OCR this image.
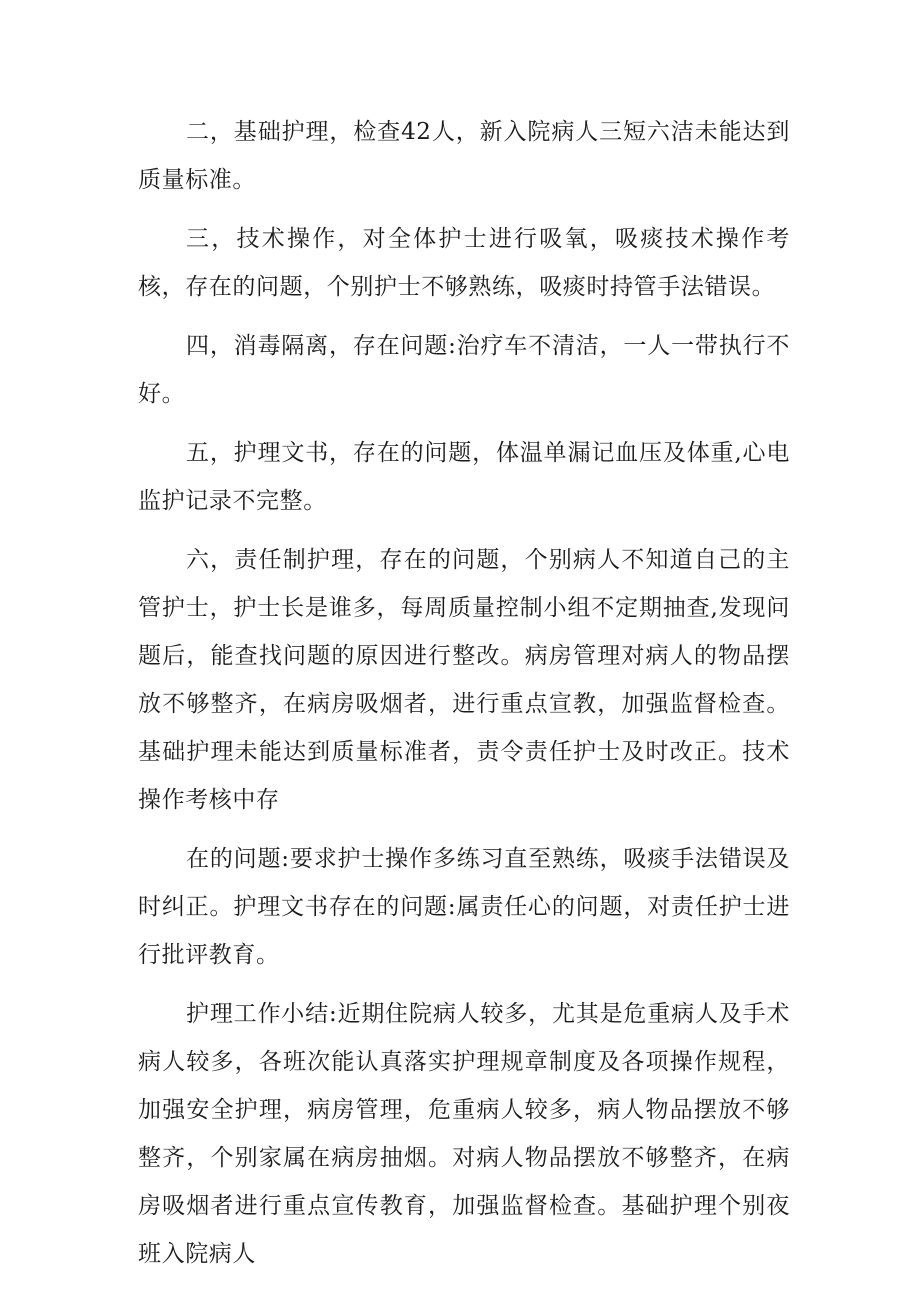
二，基础护理，检查42人，新入院病人三短六洁未能达到质量标准。

三，技术操作，对全体护士进行吸氧，吸痰技术操作考核，存在的问题，个别护士不够熟练，吸痰时持管手法错误。

四，消毒隔离，存在问题:治疗车不清洁，一人一带执行不好。

五，护理文书，存在的问题，体温单漏记血压及体重,心电监护记录不完整。

六，责任制护理，存在的问题，个别病人不知道自己的主管护士，护士长是谁多，每周质量控制小组不定期抽查,发现问题后，能查找问题的原因进行整改。病房管理对病人的物品摆放不够整齐，在病房吸烟者，进行重点宣教，加强监督检查。基础护理未能达到质量标准者，责令责任护士及时改正。技术操作考核中存

在的问题:要求护士操作多练习直至熟练，吸痰手法错误及时纠正。护理文书存在的问题:属责任心的问题，对责任护士进行批评教育。

护理工作小结:近期住院病人较多，尤其是危重病人及手术病人较多，各班次能认真落实护理规章制度及各项操作规程，加强安全护理，病房管理，危重病人较多，病人物品摆放不够整齐，个别家属在病房抽烟。对病人物品摆放不够整齐，在病房吸烟者进行重点宣传教育，加强监督检查。基础护理个别夜班入院病人
